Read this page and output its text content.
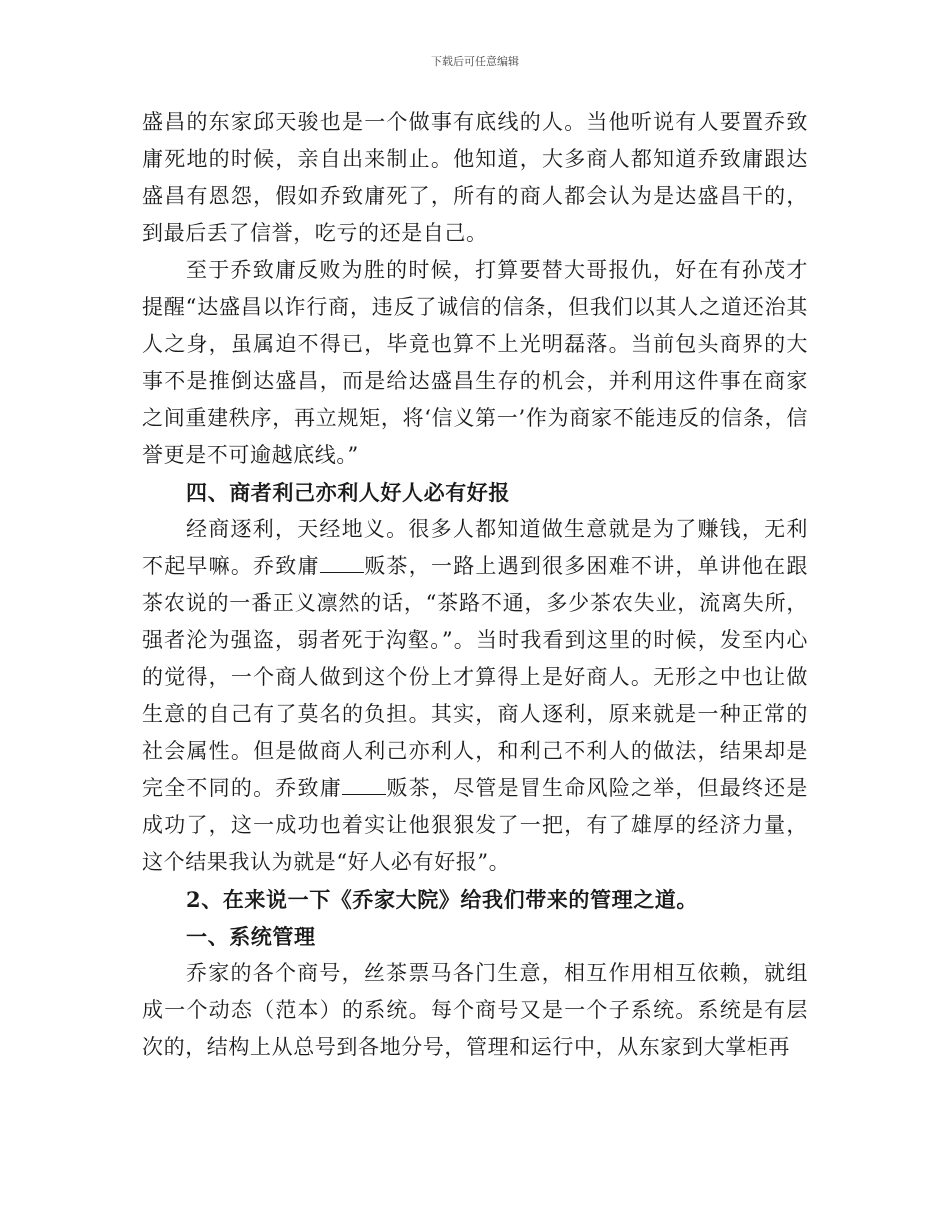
下载后可任意编辑

盛昌的东家邱天骏也是一个做事有底线的人。当他听说有人要置乔致庸死地的时候，亲自出来制止。他知道，大多商人都知道乔致庸跟达盛昌有恩怨，假如乔致庸死了，所有的商人都会认为是达盛昌干的，到最后丢了信誉，吃亏的还是自己。

至于乔致庸反败为胜的时候，打算要替大哥报仇，好在有孙茂才提醒“达盛昌以诈行商，违反了诚信的信条，但我们以其人之道还治其人之身，虽属迫不得已，毕竟也算不上光明磊落。当前包头商界的大事不是推倒达盛昌，而是给达盛昌生存的机会，并利用这件事在商家之间重建秩序，再立规矩，将‘信义第一’作为商家不能违反的信条，信誉更是不可逾越底线。”

四、商者利己亦利人好人必有好报

经商逐利，天经地义。很多人都知道做生意就是为了赚钱，无利不起早嘛。乔致庸 贩茶，一路上遇到很多困难不讲，单讲他在跟茶农说的一番正义凛然的话，“茶路不通，多少茶农失业，流离失所，强者沦为强盗，弱者死于沟壑。”。当时我看到这里的时候，发至内心的觉得，一个商人做到这个份上才算得上是好商人。无形之中也让做生意的自己有了莫名的负担。其实，商人逐利，原来就是一种正常的社会属性。但是做商人利己亦利人，和利己不利人的做法，结果却是完全不同的。乔致庸 贩茶，尽管是冒生命风险之举，但最终还是成功了，这一成功也着实让他狠狠发了一把，有了雄厚的经济力量，这个结果我认为就是“好人必有好报”。

2、在来说一下《乔家大院》给我们带来的管理之道。

一、系统管理

乔家的各个商号，丝茶票马各门生意，相互作用相互依赖，就组成一个动态（范本）的系统。每个商号又是一个子系统。系统是有层次的，结构上从总号到各地分号，管理和运行中，从东家到大掌柜再
